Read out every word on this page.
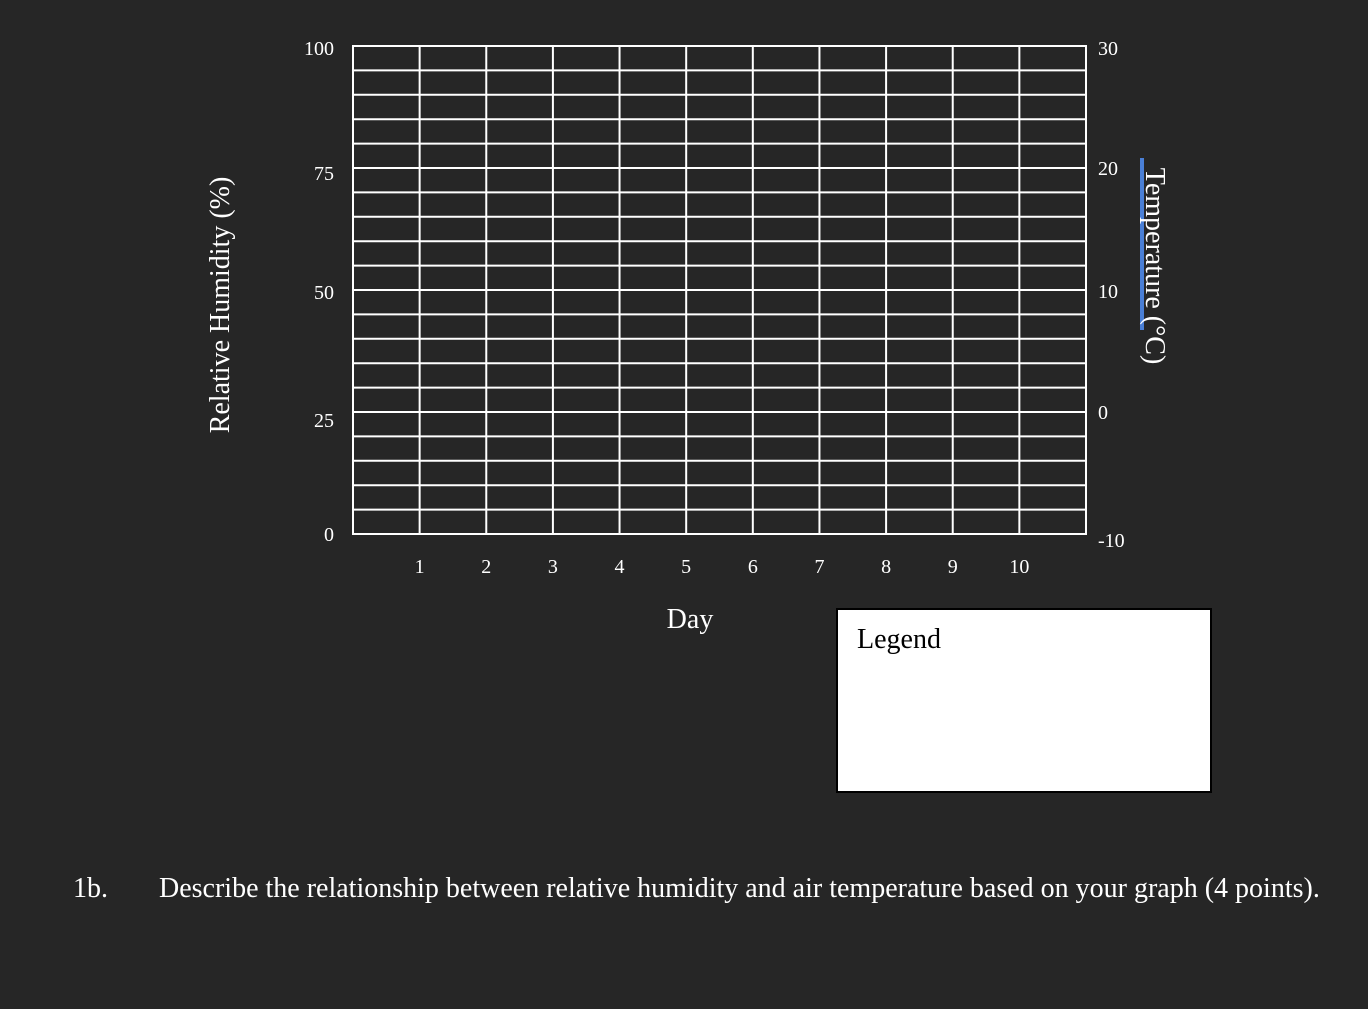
1	2	3	4	5	6	7	8	9	10
100
75
50
25
0
30
20
10
0
-10
Day
Relative Humidity (%)	Temperature (°C)
Legend
1b. Describe the relationship between relative humidity and air temperature based on your graph (4 points).
